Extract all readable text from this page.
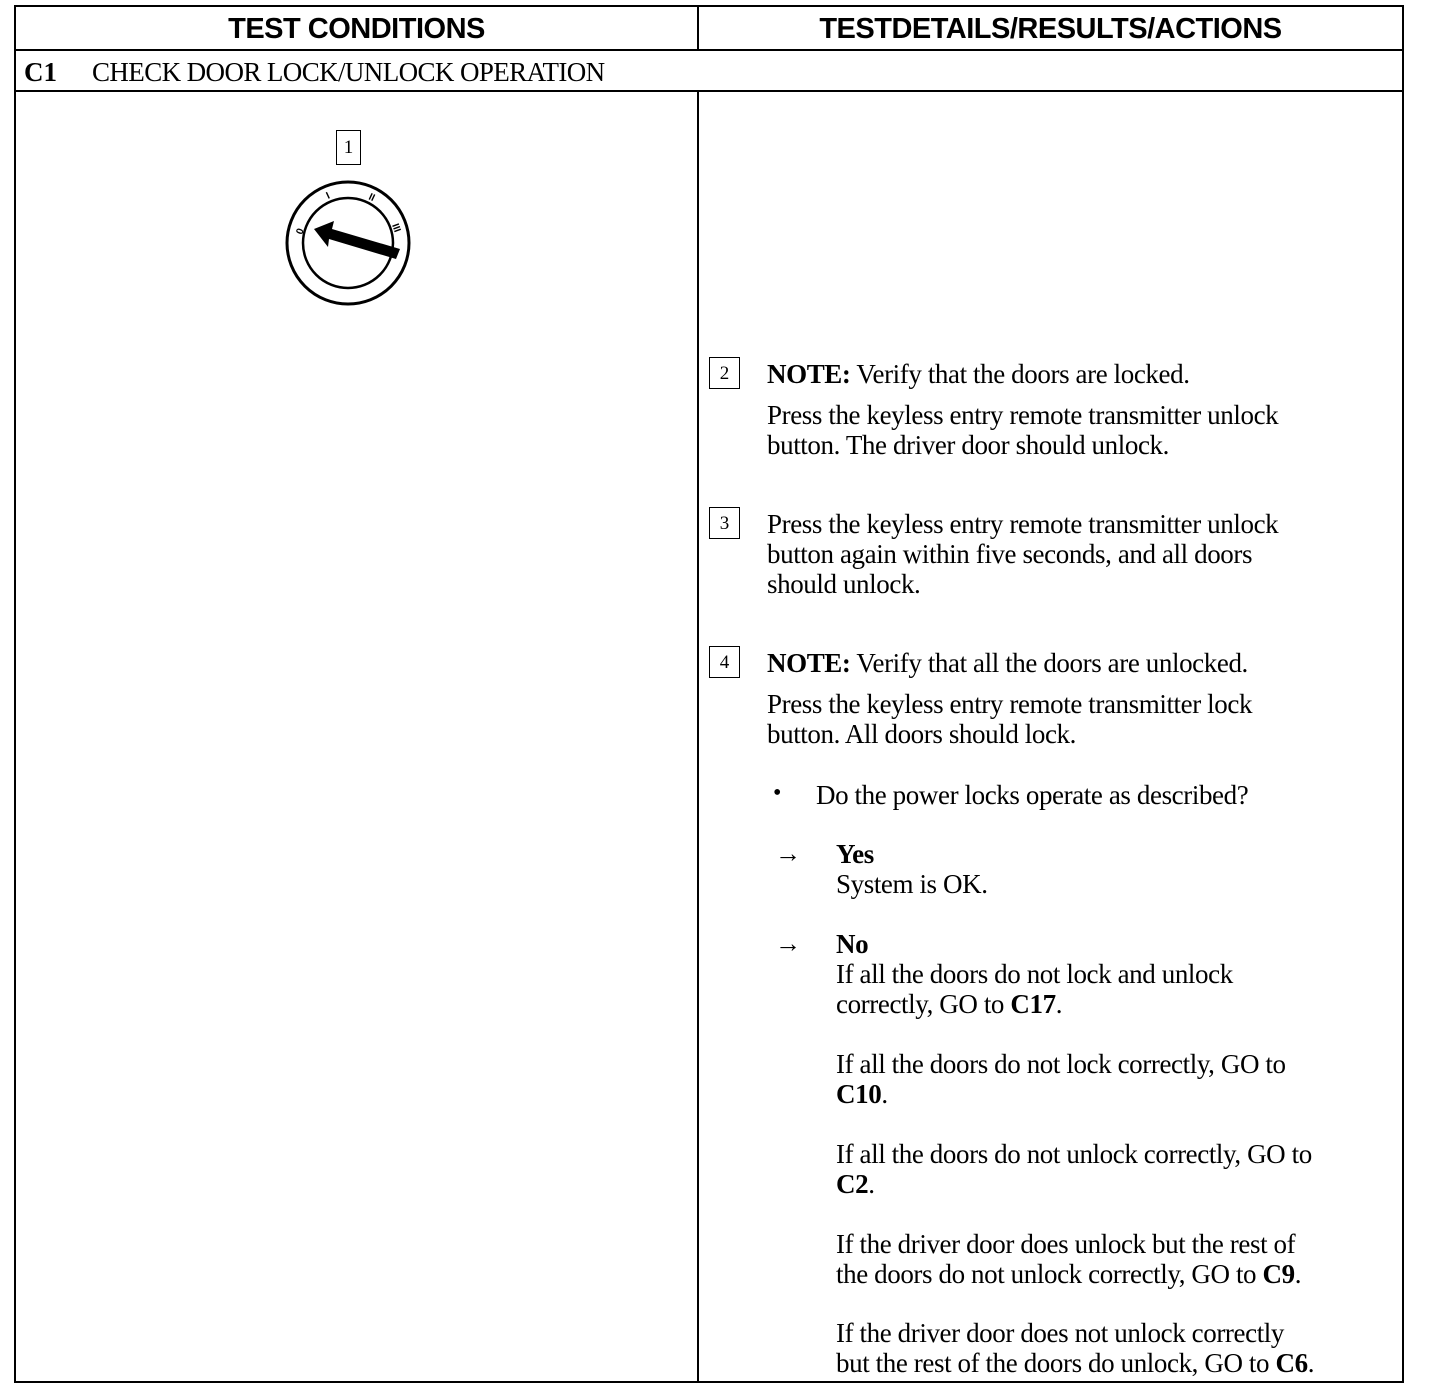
TEST CONDITIONS	TESTDETAILS/RESULTS/ACTIONS
C1 CHECK DOOR LOCK/UNLOCK OPERATION
1
0
I	II
III
2	NOTE: Verify that the doors are locked.
Press the keyless entry remote transmitter unlock
button. The driver door should unlock.
3	Press the keyless entry remote transmitter unlock
button again within five seconds, and all doors
should unlock.
4	NOTE: Verify that all the doors are unlocked.
Press the keyless entry remote transmitter lock
button. All doors should lock.
• Do the power locks operate as described?
→ Yes
System is OK.
→ No
If all the doors do not lock and unlock
correctly, GO to C17.
If all the doors do not lock correctly, GO to
C10.
If all the doors do not unlock correctly, GO to
C2.
If the driver door does unlock but the rest of
the doors do not unlock correctly, GO to C9.
If the driver door does not unlock correctly
but the rest of the doors do unlock, GO to C6.
